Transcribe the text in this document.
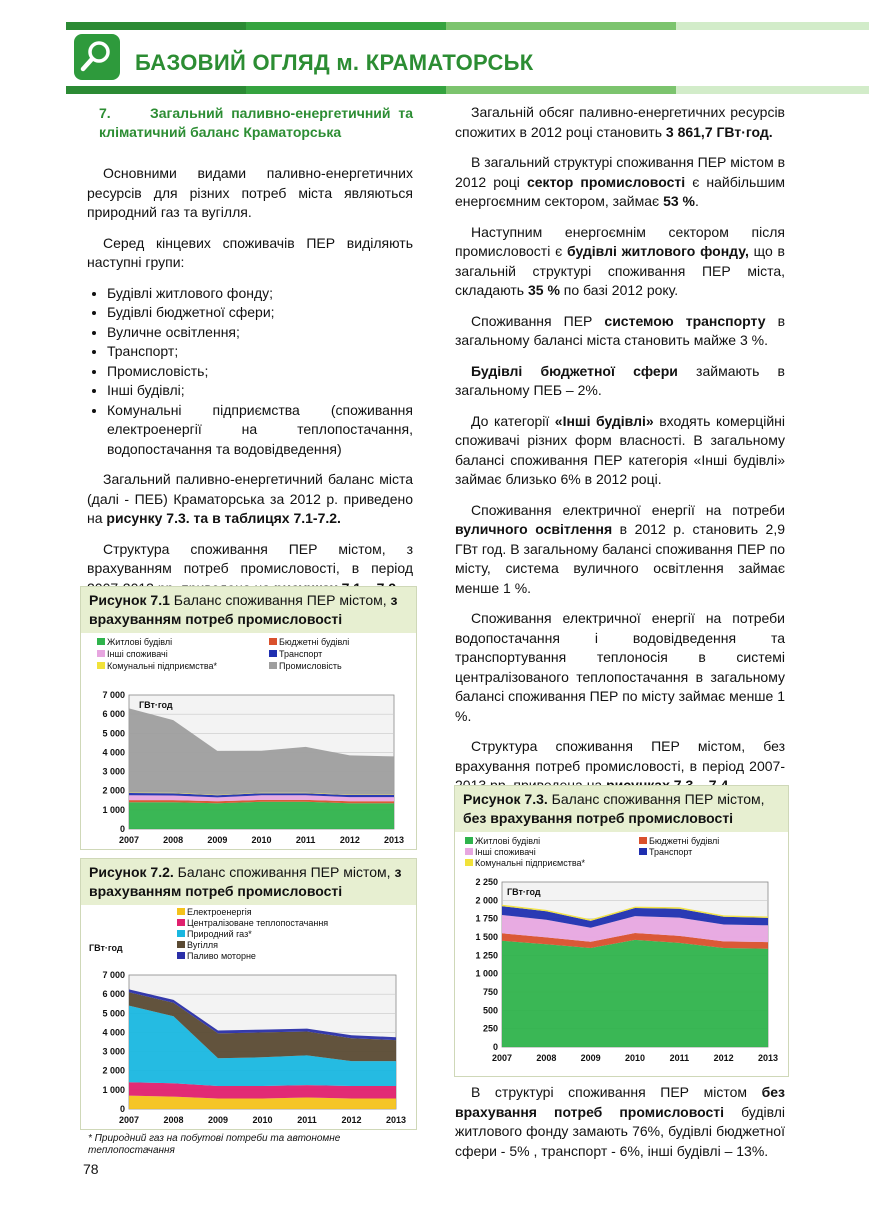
БАЗОВИЙ ОГЛЯД м. КРАМАТОРСЬК
7.	Загальний паливно-енергетичний та кліматичний баланс Краматорська

Основними видами паливно-енергетичних ресурсів для різних потреб міста являються природний газ та вугілля.

Серед кінцевих споживачів ПЕР виділяють наступні групи:

• Будівлі житлового фонду;
• Будівлі бюджетної сфери;
• Вуличне освітлення;
• Транспорт;
• Промисловість;
• Інші будівлі;
• Комунальні підприємства (споживання електроенергії на теплопостачання, водопостачання та водовідведення)

Загальний паливно-енергетичний баланс міста (далі - ПЕБ) Краматорська за 2012 р. приведено на рисунку 7.3. та в таблицях 7.1-7.2.

Структура споживання ПЕР містом, з врахуванням потреб промисловості, в період

Рисунок 7.1 Баланс споживання ПЕР містом, з врахуванням потреб промисловості
Житлові будівлі	Бюджетні будівлі
Інші споживачі	Транспорт
Комунальні підприємства*	Промисловість
0
1 000
2 000
3 000
4 000
5 000
6 000
7 000
2007	2008	2009	2010	2011	2012	2013
ГВт·год
Рисунок 7.2. Баланс споживання ПЕР містом, з врахуванням потреб промисловості
Електроенергія
Централізоване теплопостачання
Природний газ*
Вугілля
Паливо моторне
0
1 000
2 000
3 000
4 000
5 000
6 000
7 000
2007	2008	2009	2010	2011	2012	2013
ГВт·год
* Природний газ на побутові потреби та автономне теплопостачання
78

Загальній обсяг паливно-енергетичних ресурсів спожитих в 2012 році становить 3 861,7 ГВт·год.

В загальний структурі споживання ПЕР містом в 2012 році сектор промисловості є найбільшим енергоємним сектором, займає 53 %.

Наступним енергоємнім сектором після промисловості є будівлі житлового фонду, що в загальній структурі споживання ПЕР міста, складають 35 % по базі 2012 року.

Споживання ПЕР системою транспорту в загальному балансі міста становить майже 3 %.

Будівлі бюджетної сфери займають в загальному ПЕБ – 2%.

До категорії «Інші будівлі» входять комерційні споживачі різних форм власності. В загальному балансі споживання ПЕР категорія «Інші будівлі» займає близько 6% в 2012 році.

Споживання електричної енергії на потреби вуличного освітлення в 2012 р. становить 2,9 ГВт год. В загальному балансі споживання ПЕР по місту, система вуличного освітлення займає менше 1 %.

Споживання електричної енергії на потреби водопостачання і водовідведення та транспортування теплоносія в системі централізованого теплопостачання в загальному балансі споживання ПЕР по місту займає менше 1 %.

Структура споживання ПЕР містом, без врахування потреб промисловості, в період 2007-

Рисунок 7.3. Баланс споживання ПЕР містом, без врахування потреб промисловості
Житлові будівлі	Бюджетні будівлі
Інші споживачі	Транспорт
Комунальні підприємства*
0
250
500
750
1 000
1 250
1 500
1 750
2 000
2 250
2007	2008	2009	2010	2011	2012	2013
ГВт·год

В структурі споживання ПЕР містом без врахування потреб промисловості будівлі житлового фонду замають 76%, будівлі бюджетної сфери - 5% , транспорт - 6%, інші будівлі – 13%.
